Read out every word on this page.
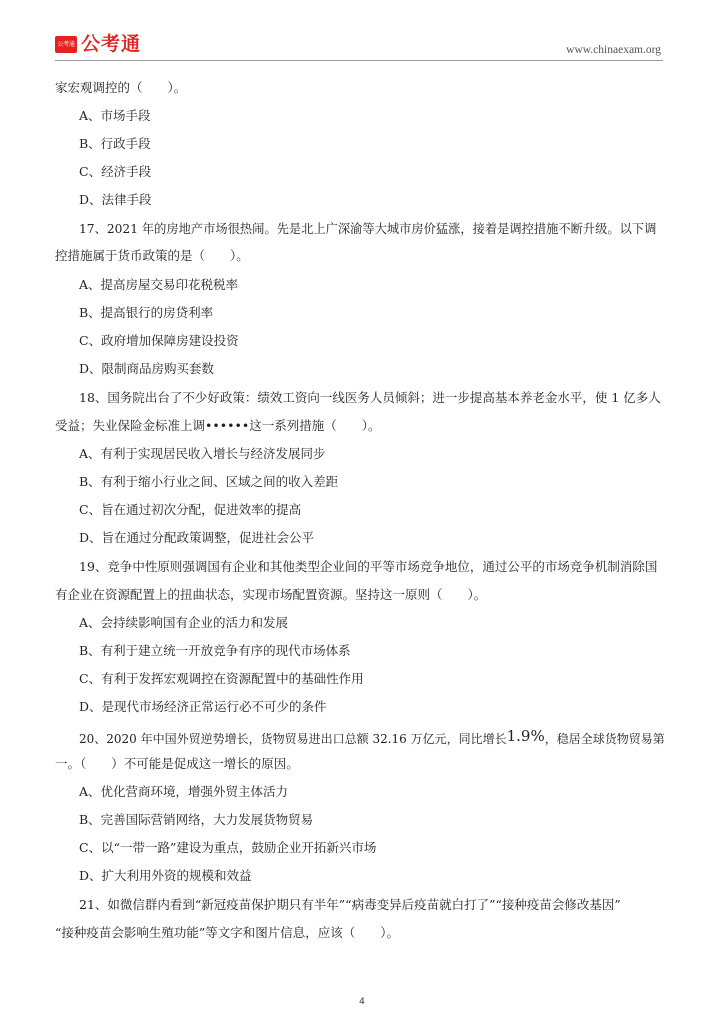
公考通 公考通	www.chinaexam.org
家宏观调控的（　　）。
A、市场手段
B、行政手段
C、经济手段
D、法律手段
17、2021 年的房地产市场很热闹。先是北上广深渝等大城市房价猛涨，接着是调控措施不断升级。以下调
控措施属于货币政策的是（　　）。
A、提高房屋交易印花税税率
B、提高银行的房贷利率
C、政府增加保障房建设投资
D、限制商品房购买套数
18、国务院出台了不少好政策：绩效工资向一线医务人员倾斜；进一步提高基本养老金水平，使 1 亿多人
受益；失业保险金标准上调••••••这一系列措施（　　）。
A、有利于实现居民收入增长与经济发展同步
B、有利于缩小行业之间、区域之间的收入差距
C、旨在通过初次分配，促进效率的提高
D、旨在通过分配政策调整，促进社会公平
19、竞争中性原则强调国有企业和其他类型企业间的平等市场竞争地位，通过公平的市场竞争机制消除国
有企业在资源配置上的扭曲状态，实现市场配置资源。坚持这一原则（　　）。
A、会持续影响国有企业的活力和发展
B、有利于建立统一开放竞争有序的现代市场体系
C、有利于发挥宏观调控在资源配置中的基础性作用
D、是现代市场经济正常运行必不可少的条件
20、2020 年中国外贸逆势增长，货物贸易进出口总额 32.16 万亿元，同比增长1.9%，稳居全球货物贸易第
一。（　　）不可能是促成这一增长的原因。
A、优化营商环境，增强外贸主体活力
B、完善国际营销网络，大力发展货物贸易
C、以“一带一路”建设为重点，鼓励企业开拓新兴市场
D、扩大利用外资的规模和效益
21、如微信群内看到“新冠疫苗保护期只有半年”“病毒变异后疫苗就白打了”“接种疫苗会修改基因”
“接种疫苗会影响生殖功能”等文字和图片信息，应该（　　）。
4
